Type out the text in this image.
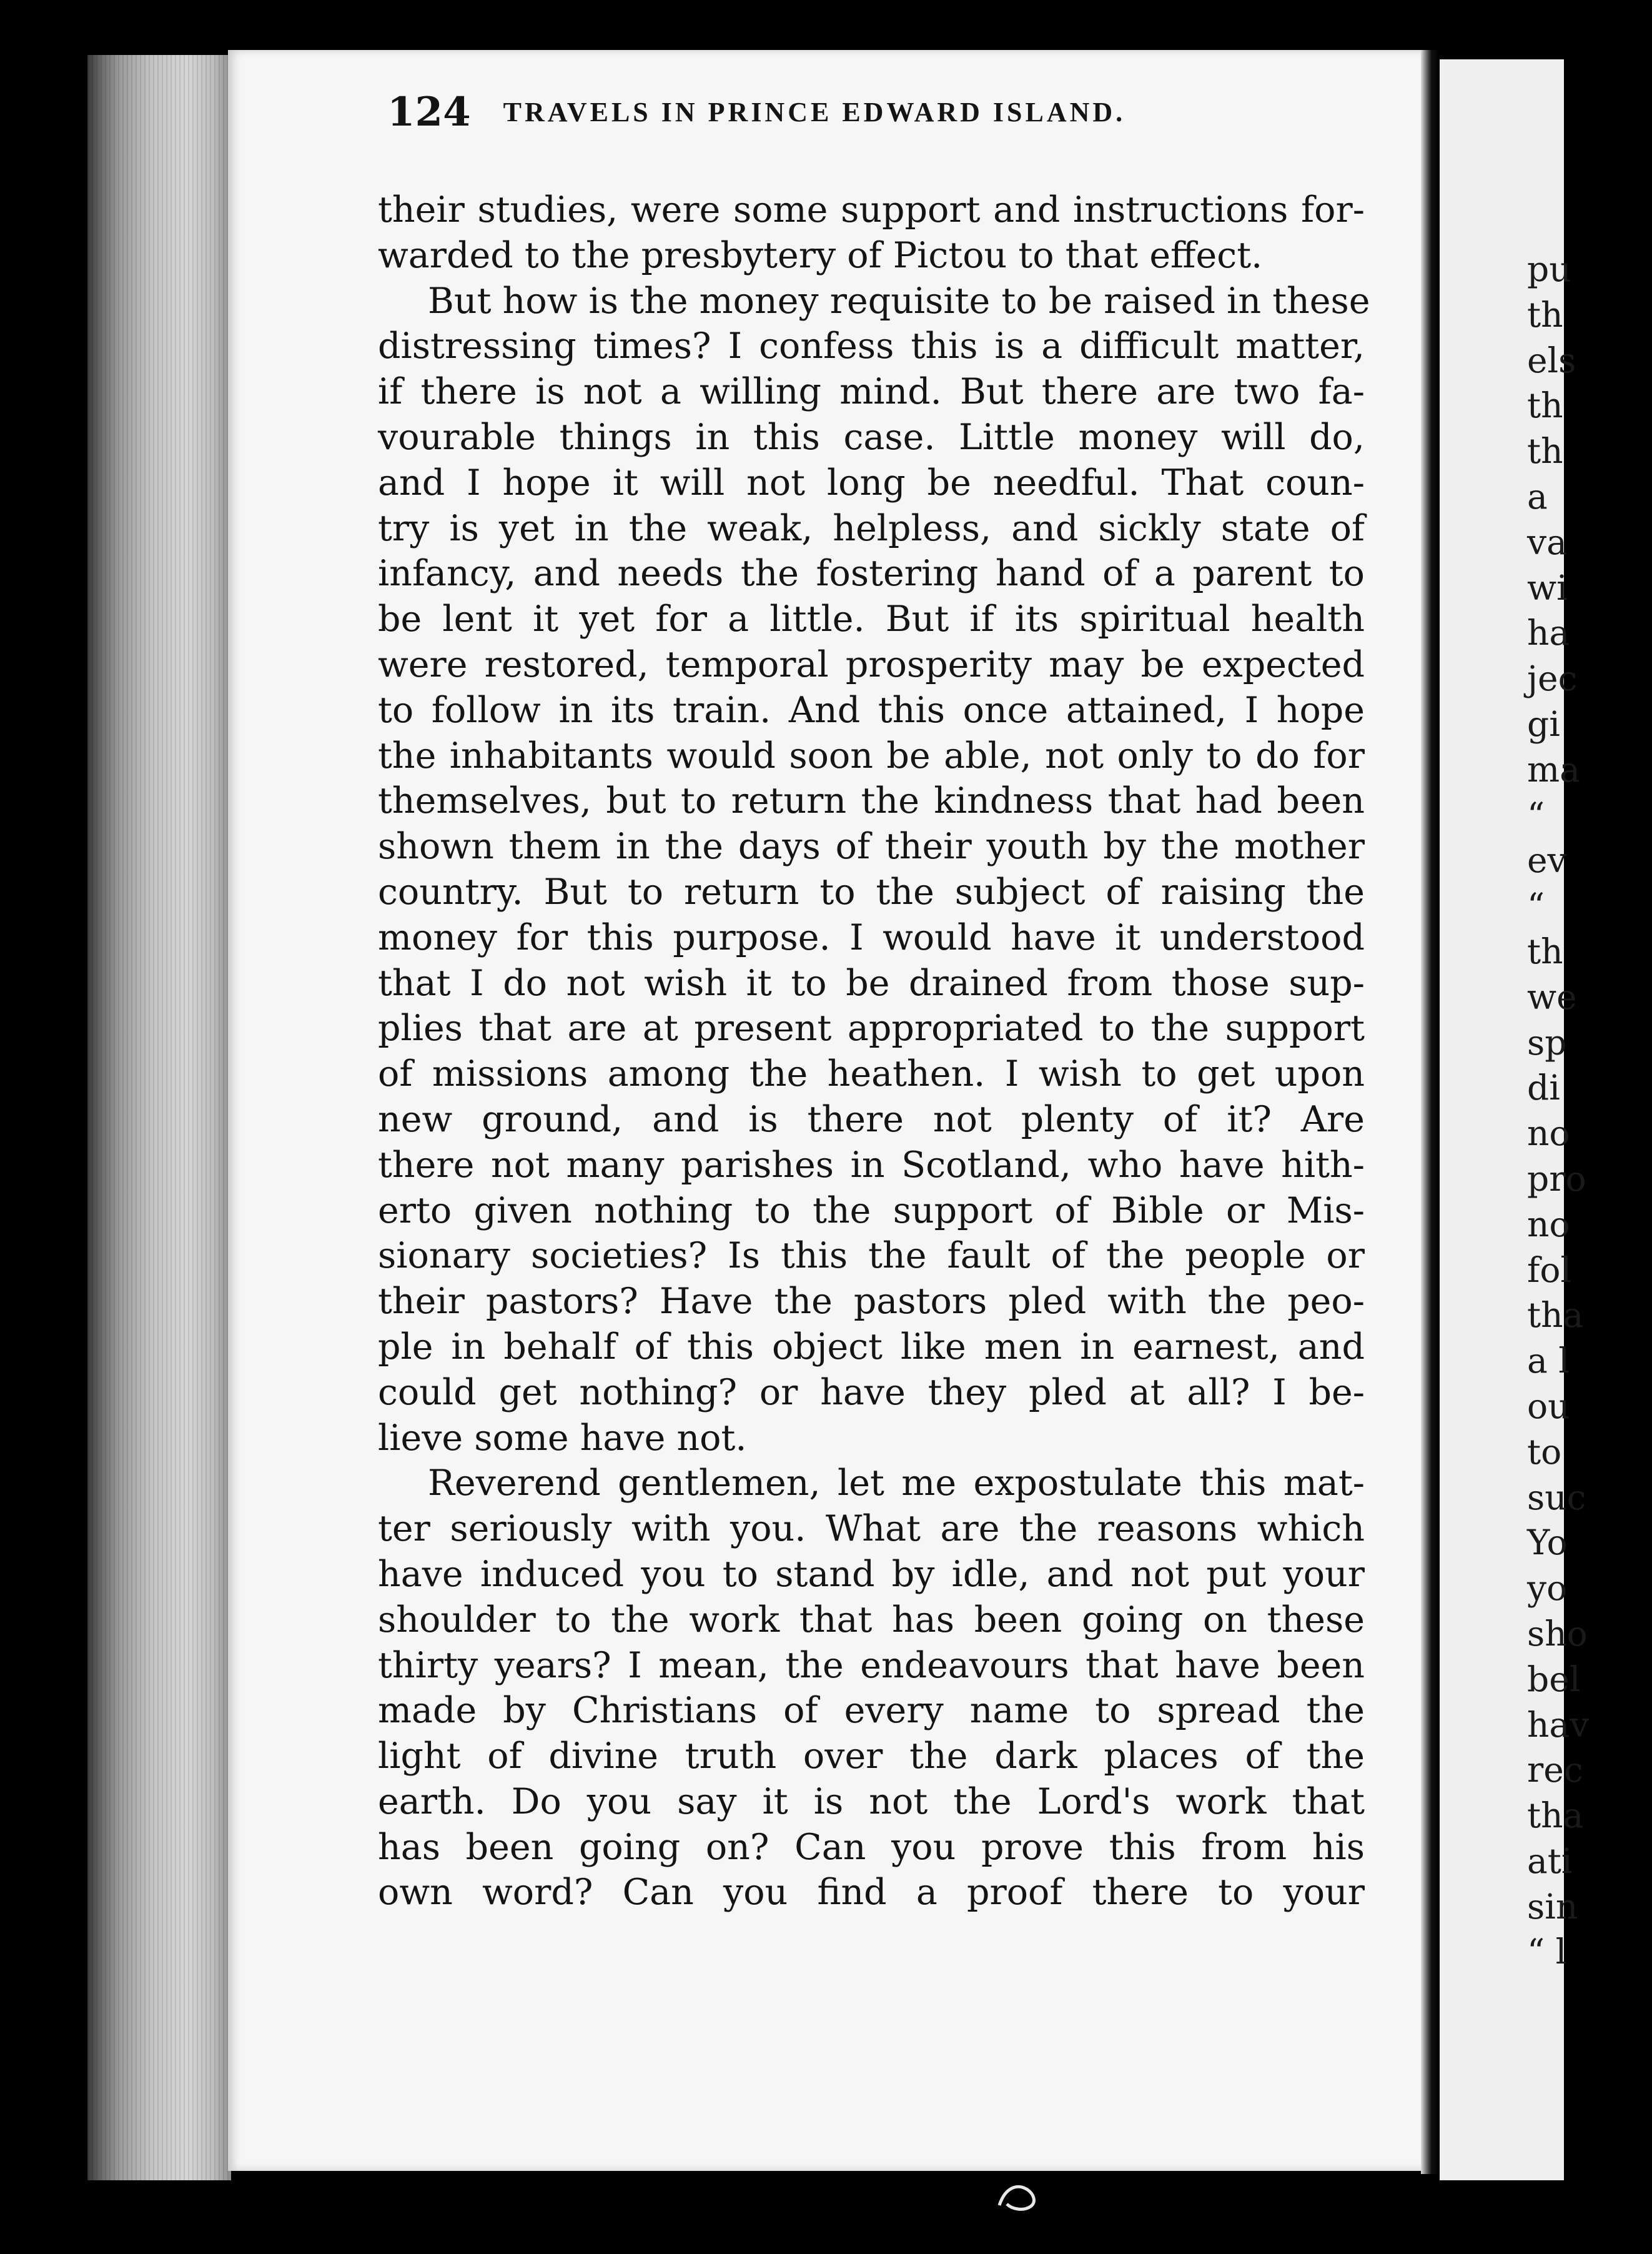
124 TRAVELS IN PRINCE EDWARD ISLAND.
their studies, were some support and instructions for-
warded to the presbytery of Pictou to that effect.
But how is the money requisite to be raised in these
distressing times? I confess this is a difficult matter,
if there is not a willing mind. But there are two fa-
vourable things in this case. Little money will do,
and I hope it will not long be needful. That coun-
try is yet in the weak, helpless, and sickly state of
infancy, and needs the fostering hand of a parent to
be lent it yet for a little. But if its spiritual health
were restored, temporal prosperity may be expected
to follow in its train. And this once attained, I hope
the inhabitants would soon be able, not only to do for
themselves, but to return the kindness that had been
shown them in the days of their youth by the mother
country. But to return to the subject of raising the
money for this purpose. I would have it understood
that I do not wish it to be drained from those sup-
plies that are at present appropriated to the support
of missions among the heathen. I wish to get upon
new ground, and is there not plenty of it? Are
there not many parishes in Scotland, who have hith-
erto given nothing to the support of Bible or Mis-
sionary societies? Is this the fault of the people or
their pastors? Have the pastors pled with the peo-
ple in behalf of this object like men in earnest, and
could get nothing? or have they pled at all? I be-
lieve some have not.
Reverend gentlemen, let me expostulate this mat-
ter seriously with you. What are the reasons which
have induced you to stand by idle, and not put your
shoulder to the work that has been going on these
thirty years? I mean, the endeavours that have been
made by Christians of every name to spread the
light of divine truth over the dark places of the
earth. Do you say it is not the Lord's work that
has been going on? Can you prove this from his
own word? Can you find a proof there to your
pu
th
els
th
th
a
va
wi
ha
jec
gi
ma
“
ev
“
th
we
sp
di
no
pro
no
fol
tha
a l
ou
to
suc
Yo
yo
sho
bel
hav
rec
tha
ati
sin
“ l
